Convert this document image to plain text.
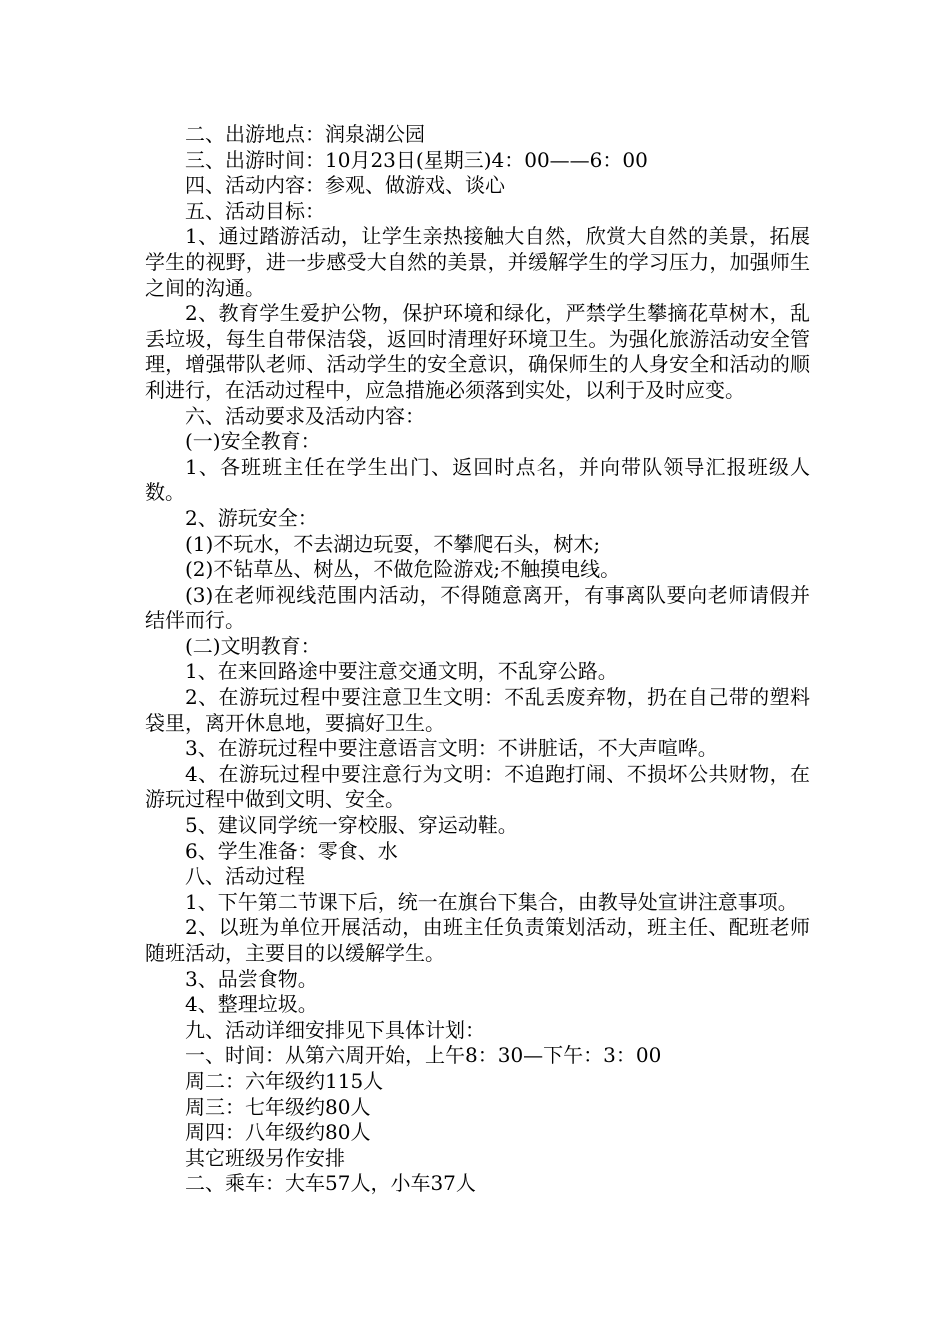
二、出游地点：润泉湖公园

三、出游时间：10月23日(星期三)4：00——6：00

四、活动内容：参观、做游戏、谈心

五、活动目标：

1、通过踏游活动，让学生亲热接触大自然，欣赏大自然的美景，拓展学生的视野，进一步感受大自然的美景，并缓解学生的学习压力，加强师生之间的沟通。

2、教育学生爱护公物，保护环境和绿化，严禁学生攀摘花草树木，乱丢垃圾，每生自带保洁袋，返回时清理好环境卫生。为强化旅游活动安全管理，增强带队老师、活动学生的安全意识，确保师生的人身安全和活动的顺利进行，在活动过程中，应急措施必须落到实处，以利于及时应变。

六、活动要求及活动内容：

(一)安全教育：

1、各班班主任在学生出门、返回时点名，并向带队领导汇报班级人数。

2、游玩安全：

(1)不玩水，不去湖边玩耍，不攀爬石头，树木;

(2)不钻草丛、树丛，不做危险游戏;不触摸电线。

(3)在老师视线范围内活动，不得随意离开，有事离队要向老师请假并结伴而行。

(二)文明教育：

1、在来回路途中要注意交通文明，不乱穿公路。

2、在游玩过程中要注意卫生文明：不乱丢废弃物，扔在自己带的塑料袋里，离开休息地，要搞好卫生。

3、在游玩过程中要注意语言文明：不讲脏话，不大声喧哗。

4、在游玩过程中要注意行为文明：不追跑打闹、不损坏公共财物，在游玩过程中做到文明、安全。

5、建议同学统一穿校服、穿运动鞋。

6、学生准备：零食、水

八、活动过程

1、下午第二节课下后，统一在旗台下集合，由教导处宣讲注意事项。

2、以班为单位开展活动，由班主任负责策划活动，班主任、配班老师随班活动，主要目的以缓解学生。

3、品尝食物。

4、整理垃圾。

九、活动详细安排见下具体计划：

一、时间：从第六周开始，上午8：30—下午：3：00

周二：六年级约115人

周三：七年级约80人

周四：八年级约80人

其它班级另作安排

二、乘车：大车57人，小车37人
